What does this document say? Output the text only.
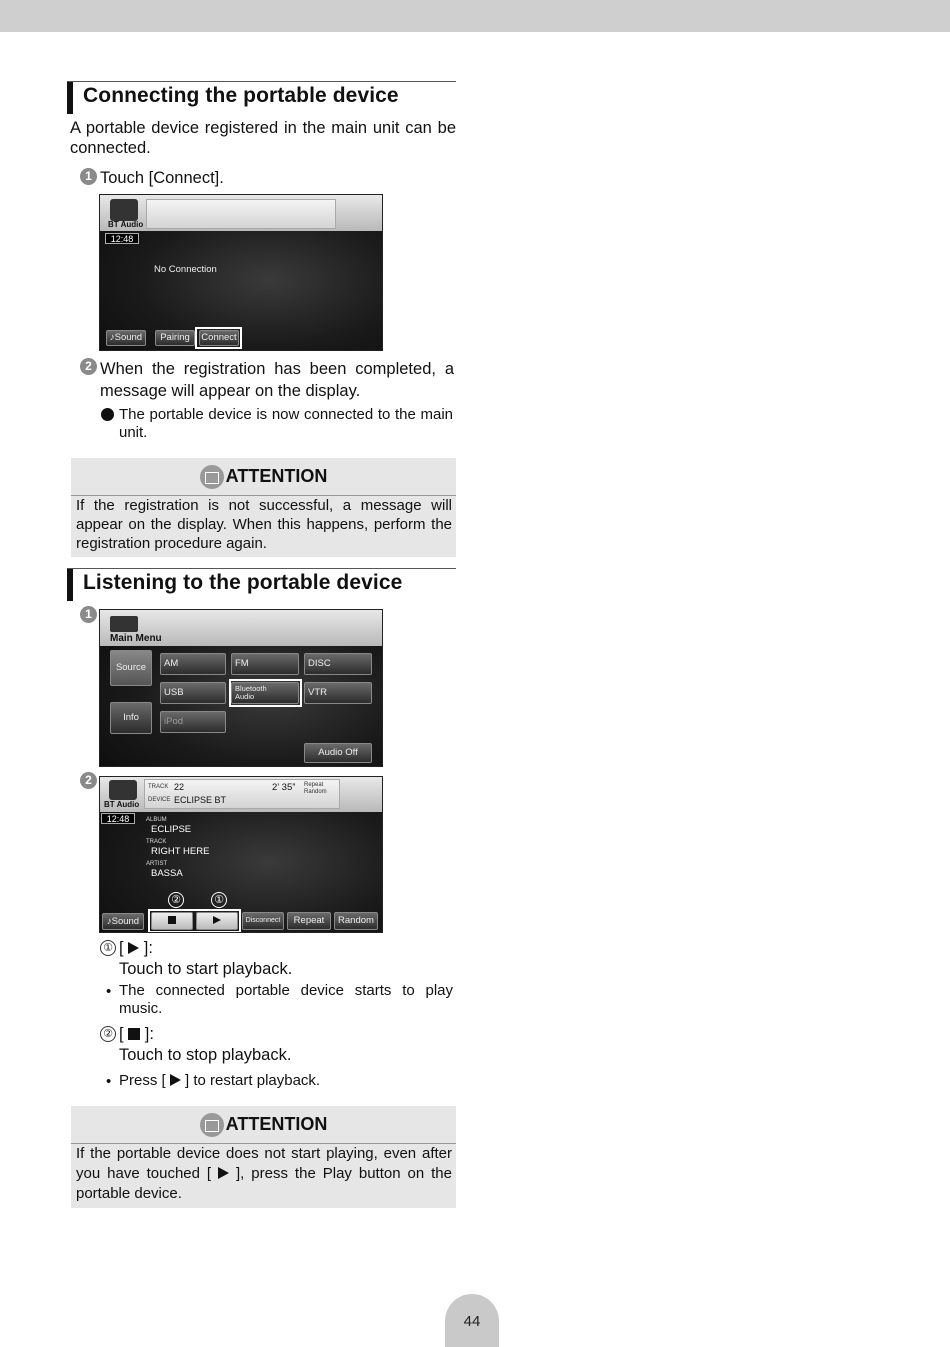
Connecting the portable device
A portable device registered in the main unit can be connected.
1 Touch [Connect].
BT Audio
12:48
No Connection
♪Sound	Pairing	Connect
2 When the registration has been completed, a message will appear on the display.
The portable device is now connected to the main unit.
ATTENTION
If the registration is not successful, a message will appear on the display. When this happens, perform the registration procedure again.
Listening to the portable device
1
Main Menu
Source
Info
AM	FM	DISC
USB	Bluetooth
Audio	VTR
iPod
Audio Off
2
BT Audio
TRACK 22
DEVICE ECLIPSE BT
2’ 35” Repeat
Random
12:48	ALBUM
ECLIPSE
TRACK
RIGHT HERE
ARTIST
BASSA
②	①
♪Sound	Disconnect	Repeat	Random
① [ ]:
Touch to start playback.
• The connected portable device starts to play music.
② [ ]:
Touch to stop playback.
• Press [ ] to restart playback.
ATTENTION
If the portable device does not start playing, even after you have touched [ ], press the Play button on the portable device.
44
